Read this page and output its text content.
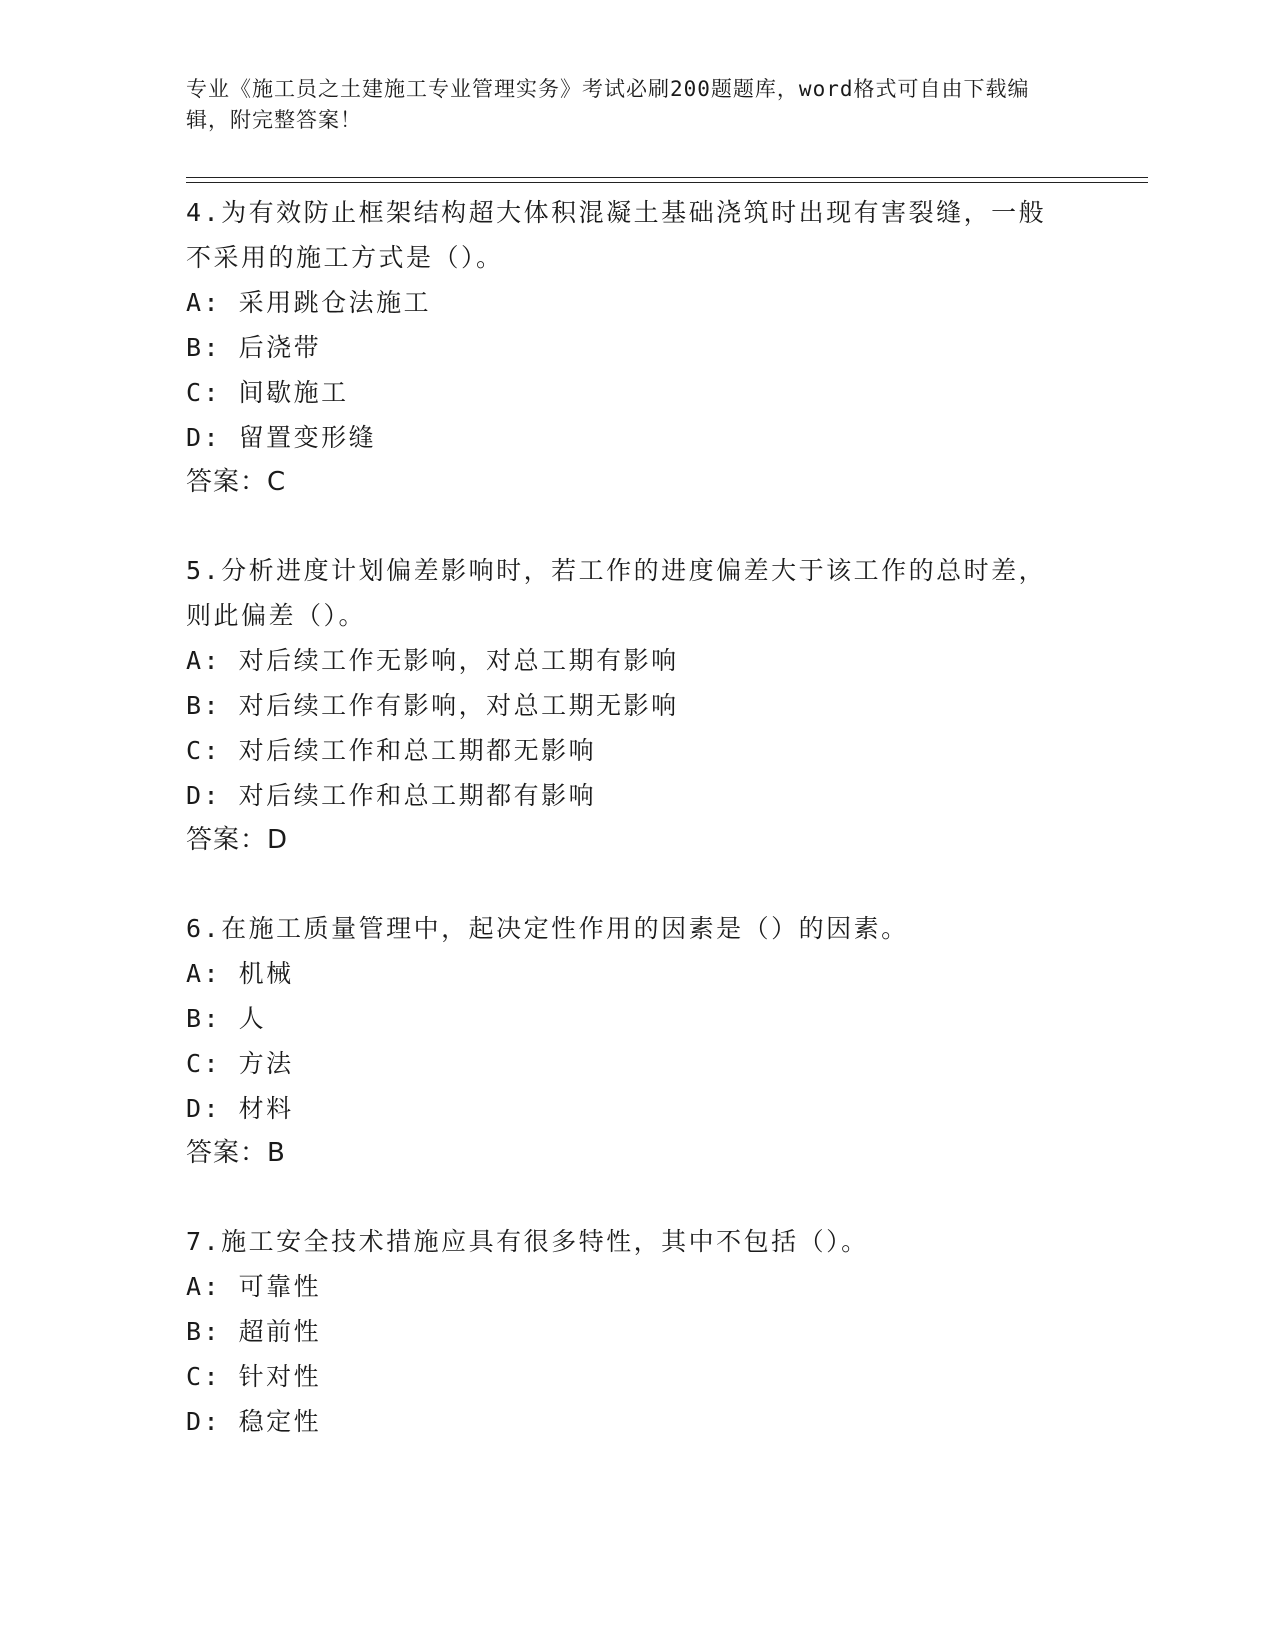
专业《施工员之土建施工专业管理实务》考试必刷200题题库，word格式可自由下载编辑，附完整答案！

4.为有效防止框架结构超大体积混凝土基础浇筑时出现有害裂缝，一般不采用的施工方式是（）。

A: 采用跳仓法施工

B: 后浇带

C: 间歇施工

D: 留置变形缝

答案：C

5.分析进度计划偏差影响时，若工作的进度偏差大于该工作的总时差，则此偏差（）。

A: 对后续工作无影响，对总工期有影响

B: 对后续工作有影响，对总工期无影响

C: 对后续工作和总工期都无影响

D: 对后续工作和总工期都有影响

答案：D

6.在施工质量管理中，起决定性作用的因素是（）的因素。

A: 机械

B: 人

C: 方法

D: 材料

答案：B

7.施工安全技术措施应具有很多特性，其中不包括（）。

A: 可靠性

B: 超前性

C: 针对性

D: 稳定性
